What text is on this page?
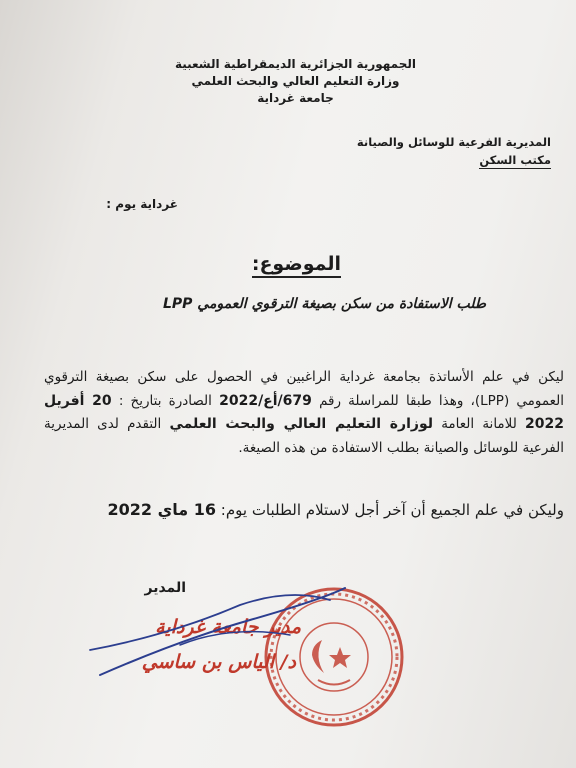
الجمهورية الجزائرية الديمقراطية الشعبية
وزارة التعليم العالي والبحث العلمي
جامعة غرداية
المديرية الفرعية للوسائل والصيانة
مكتب السكن
غرداية يوم :
الموضوع:
طلب الاستفادة من سكن بصيغة الترقوي العمومي LPP

ليكن في علم الأساتذة بجامعة غرداية الراغبين في الحصول على سكن بصيغة الترقوي العمومي (LPP)، وهذا طبقا للمراسلة رقم 679/أع/2022 الصادرة بتاريخ : 20 أفريل 2022 للامانة العامة لوزارة التعليم العالي والبحث العلمي التقدم لدى المديرية الفرعية للوسائل والصيانة بطلب الاستفادة من هذه الصيغة.

وليكن في علم الجميع أن آخر أجل لاستلام الطلبات يوم: 16 ماي 2022
المدير
مدير جامعة غرداية
د/ الياس بن ساسي
